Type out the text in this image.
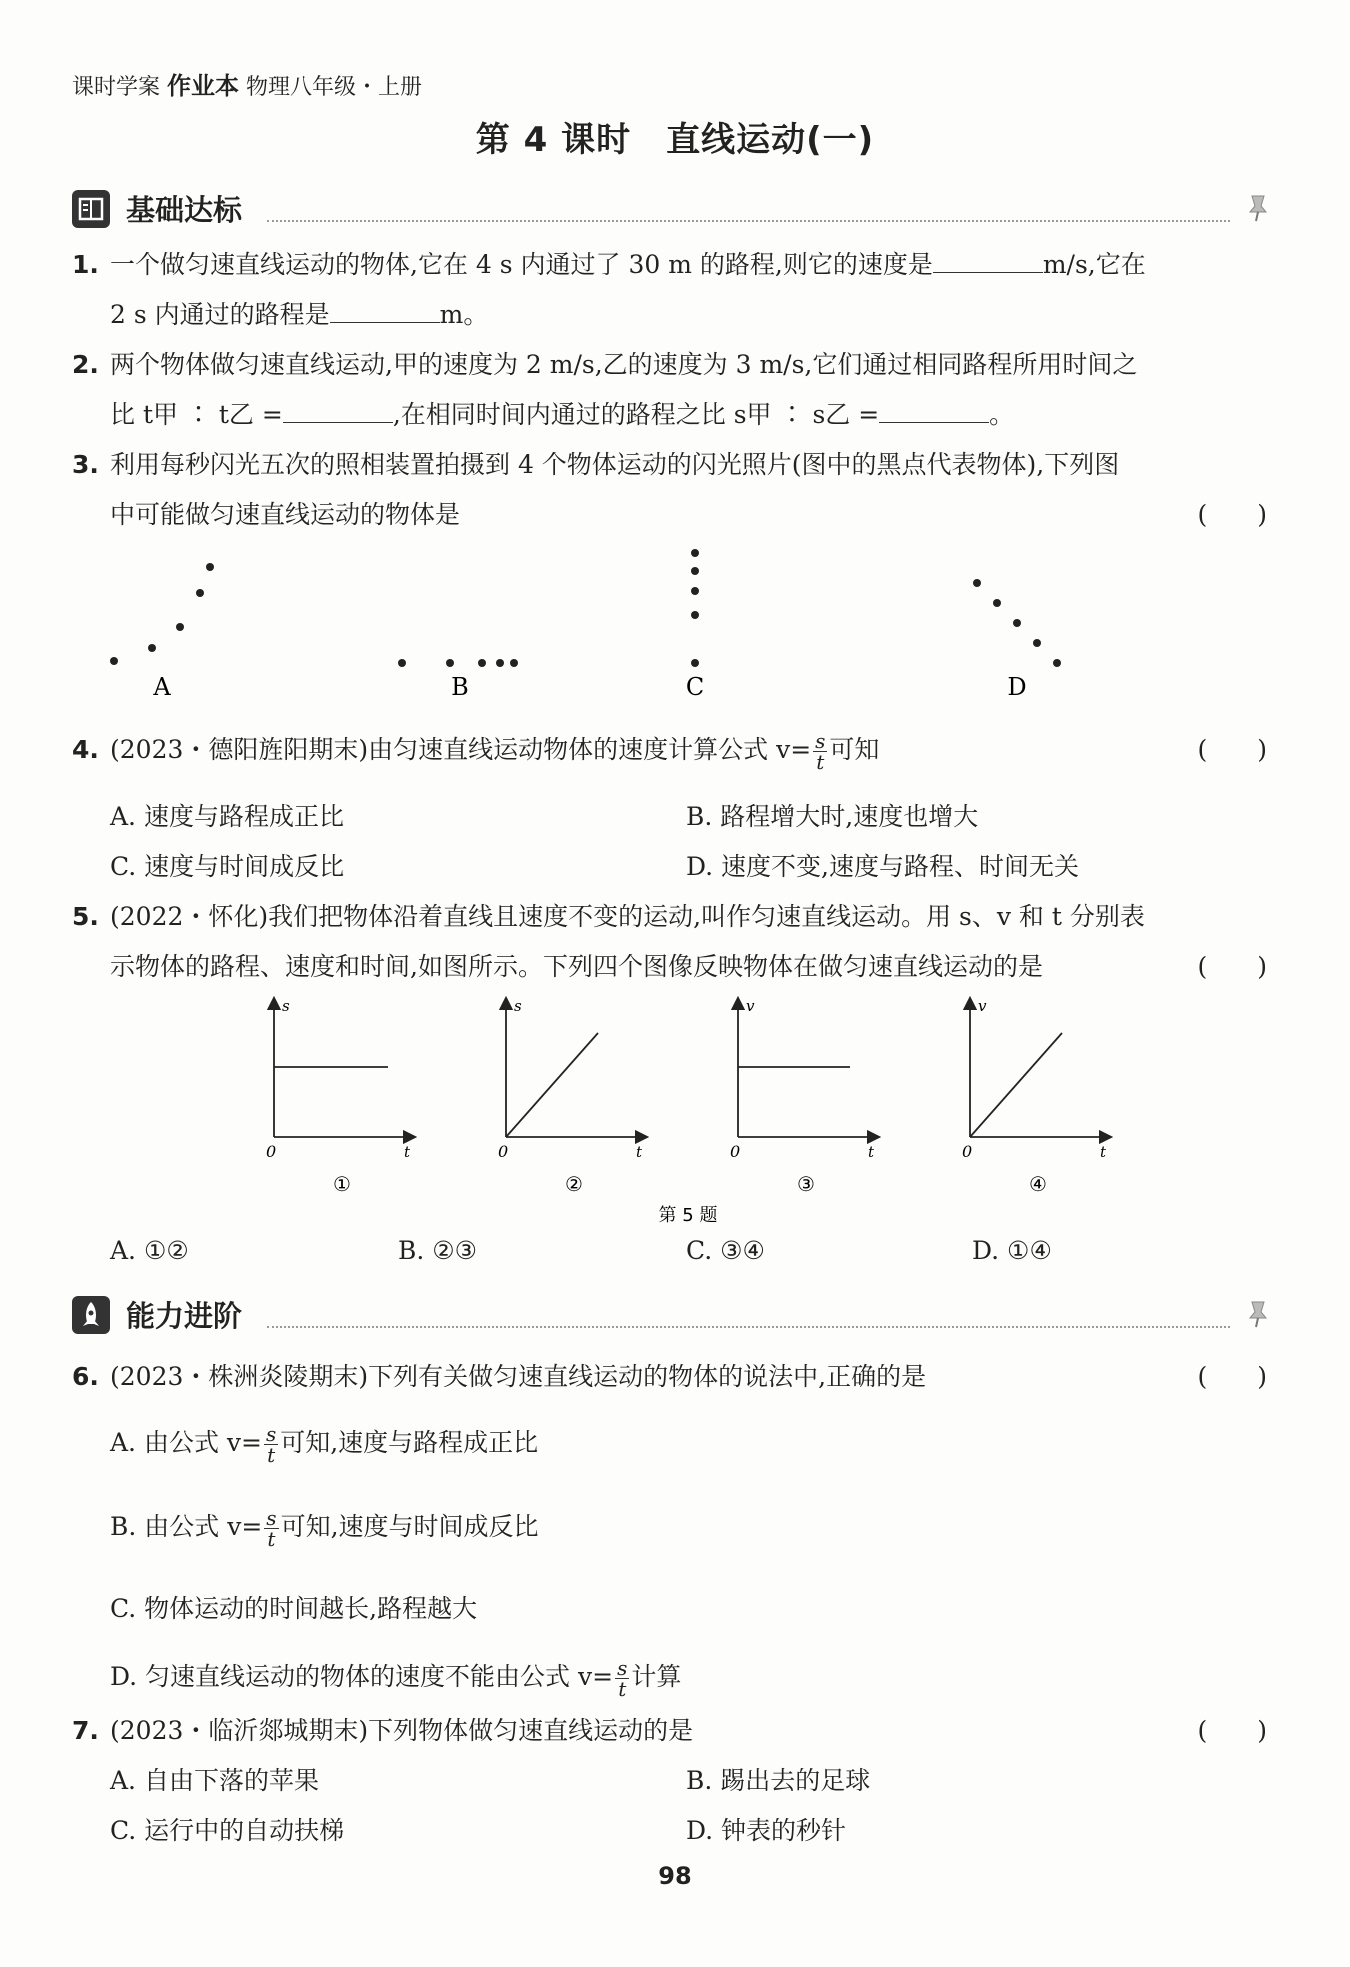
课时学案 作业本 物理八年级・上册
第 4 课时　直线运动(一)
基础达标
1. 一个做匀速直线运动的物体,它在 4 s 内通过了 30 m 的路程,则它的速度是	m/s,它在
2 s 内通过的路程是	m。
2. 两个物体做匀速直线运动,甲的速度为 2 m/s,乙的速度为 3 m/s,它们通过相同路程所用时间之
比 t甲 ∶ t乙 =	,在相同时间内通过的路程之比 s甲 ∶ s乙 =	。
3. 利用每秒闪光五次的照相装置拍摄到 4 个物体运动的闪光照片(图中的黑点代表物体),下列图
中可能做匀速直线运动的物体是	(　　)
A	B	C	D
4. (2023・德阳旌阳期末)由匀速直线运动物体的速度计算公式 $v= \frac{s}{t}$ 可知	(　　)
A. 速度与路程成正比	B. 路程增大时,速度也增大
C. 速度与时间成反比	D. 速度不变,速度与路程、时间无关
5. (2022・怀化)我们把物体沿着直线且速度不变的运动,叫作匀速直线运动。用 s、v 和 t 分别表
示物体的路程、速度和时间,如图所示。下列四个图像反映物体在做匀速直线运动的是	(　　)
s
t
0
①
s
t
0
②
v
t
0
③
v
t
0
④
第 5 题
A. ①②	B. ②③	C. ③④	D. ①④
能力进阶
6. (2023・株洲炎陵期末)下列有关做匀速直线运动的物体的说法中,正确的是	(　　)
A. 由公式 $v= \frac{s}{t}$ 可知,速度与路程成正比
B. 由公式 $v= \frac{s}{t}$ 可知,速度与时间成反比
C. 物体运动的时间越长,路程越大
D. 匀速直线运动的物体的速度不能由公式 $v= \frac{s}{t}$ 计算
7. (2023・临沂郯城期末)下列物体做匀速直线运动的是	(　　)
A. 自由下落的苹果	B. 踢出去的足球
C. 运行中的自动扶梯	D. 钟表的秒针
98
